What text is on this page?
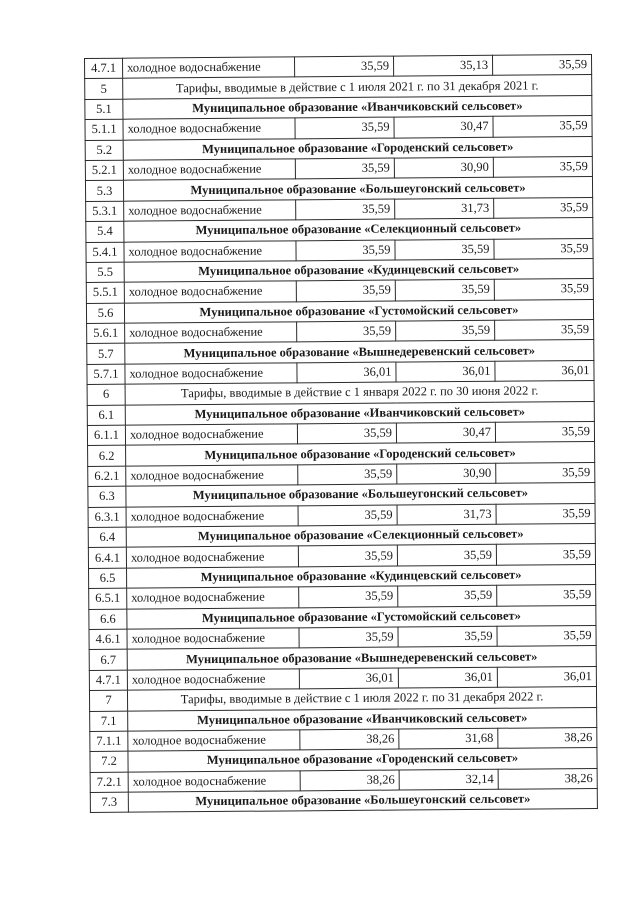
4.7.1	холодное водоснабжение	35,59	35,13	35,59
5	Тарифы, вводимые в действие с 1 июля 2021 г. по 31 декабря 2021 г.			
5.1	Муниципальное образование «Иванчиковский сельсовет»			
5.1.1	холодное водоснабжение	35,59	30,47	35,59
5.2	Муниципальное образование «Городенский сельсовет»			
5.2.1	холодное водоснабжение	35,59	30,90	35,59
5.3	Муниципальное образование «Большеугонский сельсовет»			
5.3.1	холодное водоснабжение	35,59	31,73	35,59
5.4	Муниципальное образование «Селекционный сельсовет»			
5.4.1	холодное водоснабжение	35,59	35,59	35,59
5.5	Муниципальное образование «Кудинцевский сельсовет»			
5.5.1	холодное водоснабжение	35,59	35,59	35,59
5.6	Муниципальное образование «Густомойский сельсовет»			
5.6.1	холодное водоснабжение	35,59	35,59	35,59
5.7	Муниципальное образование «Вышнедеревенский сельсовет»			
5.7.1	холодное водоснабжение	36,01	36,01	36,01
6	Тарифы, вводимые в действие с 1 января 2022 г. по 30 июня 2022 г.			
6.1	Муниципальное образование «Иванчиковский сельсовет»			
6.1.1	холодное водоснабжение	35,59	30,47	35,59
6.2	Муниципальное образование «Городенский сельсовет»			
6.2.1	холодное водоснабжение	35,59	30,90	35,59
6.3	Муниципальное образование «Большеугонский сельсовет»			
6.3.1	холодное водоснабжение	35,59	31,73	35,59
6.4	Муниципальное образование «Селекционный сельсовет»			
6.4.1	холодное водоснабжение	35,59	35,59	35,59
6.5	Муниципальное образование «Кудинцевский сельсовет»			
6.5.1	холодное водоснабжение	35,59	35,59	35,59
6.6	Муниципальное образование «Густомойский сельсовет»			
4.6.1	холодное водоснабжение	35,59	35,59	35,59
6.7	Муниципальное образование «Вышнедеревенский сельсовет»			
4.7.1	холодное водоснабжение	36,01	36,01	36,01
7	Тарифы, вводимые в действие с 1 июля 2022 г. по 31 декабря 2022 г.			
7.1	Муниципальное образование «Иванчиковский сельсовет»			
7.1.1	холодное водоснабжение	38,26	31,68	38,26
7.2	Муниципальное образование «Городенский сельсовет»			
7.2.1	холодное водоснабжение	38,26	32,14	38,26
7.3	Муниципальное образование «Большеугонский сельсовет»			
